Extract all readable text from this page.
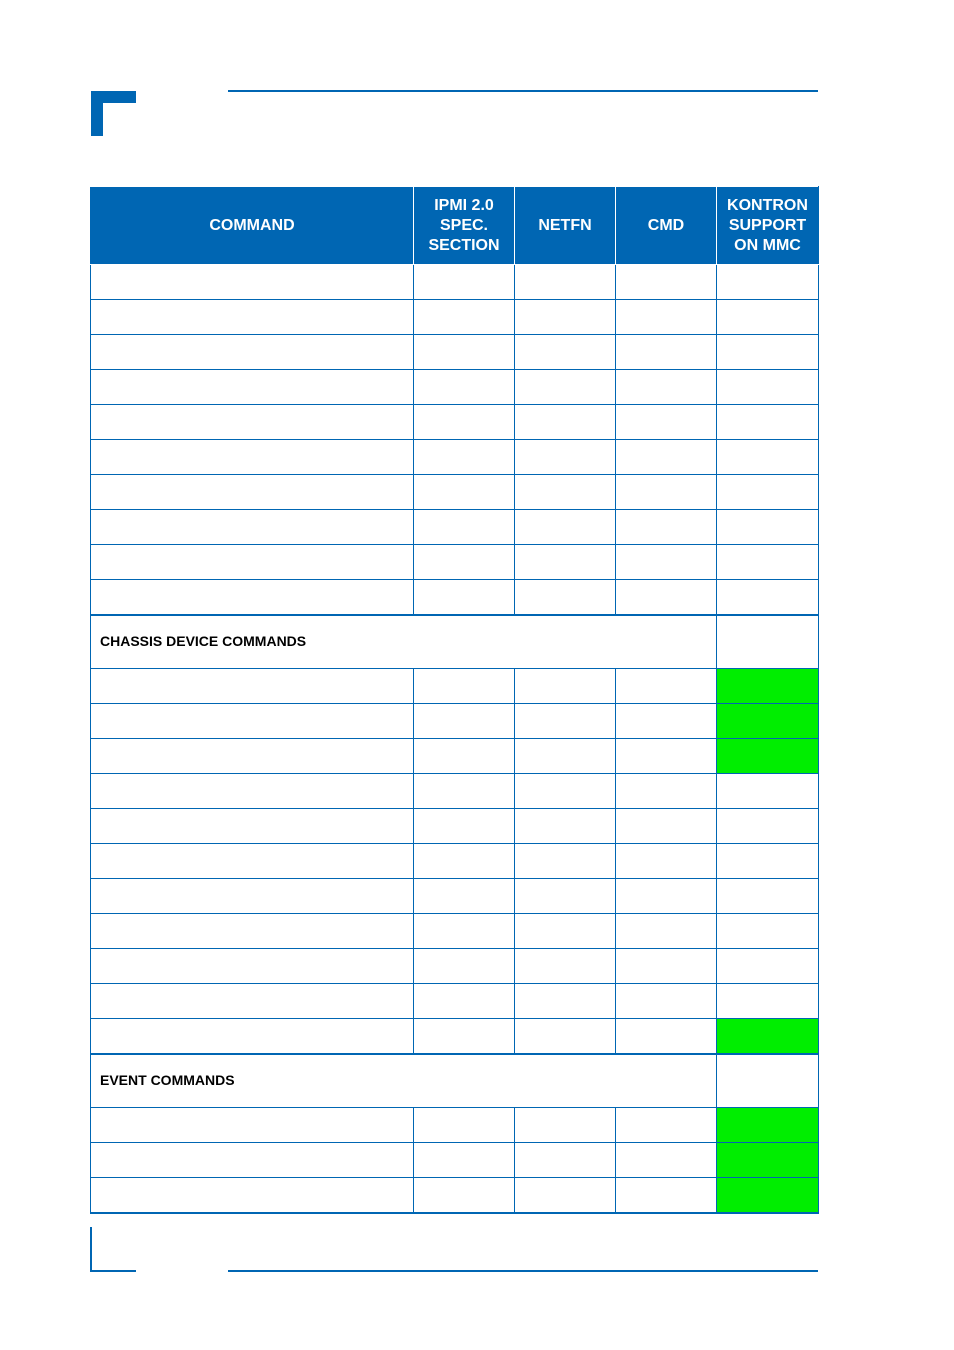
COMMAND	IPMI 2.0
SPEC.
SECTION	NETFN	CMD	KONTRON
SUPPORT
ON MMC

CHASSIS DEVICE COMMANDS				

EVENT COMMANDS				
